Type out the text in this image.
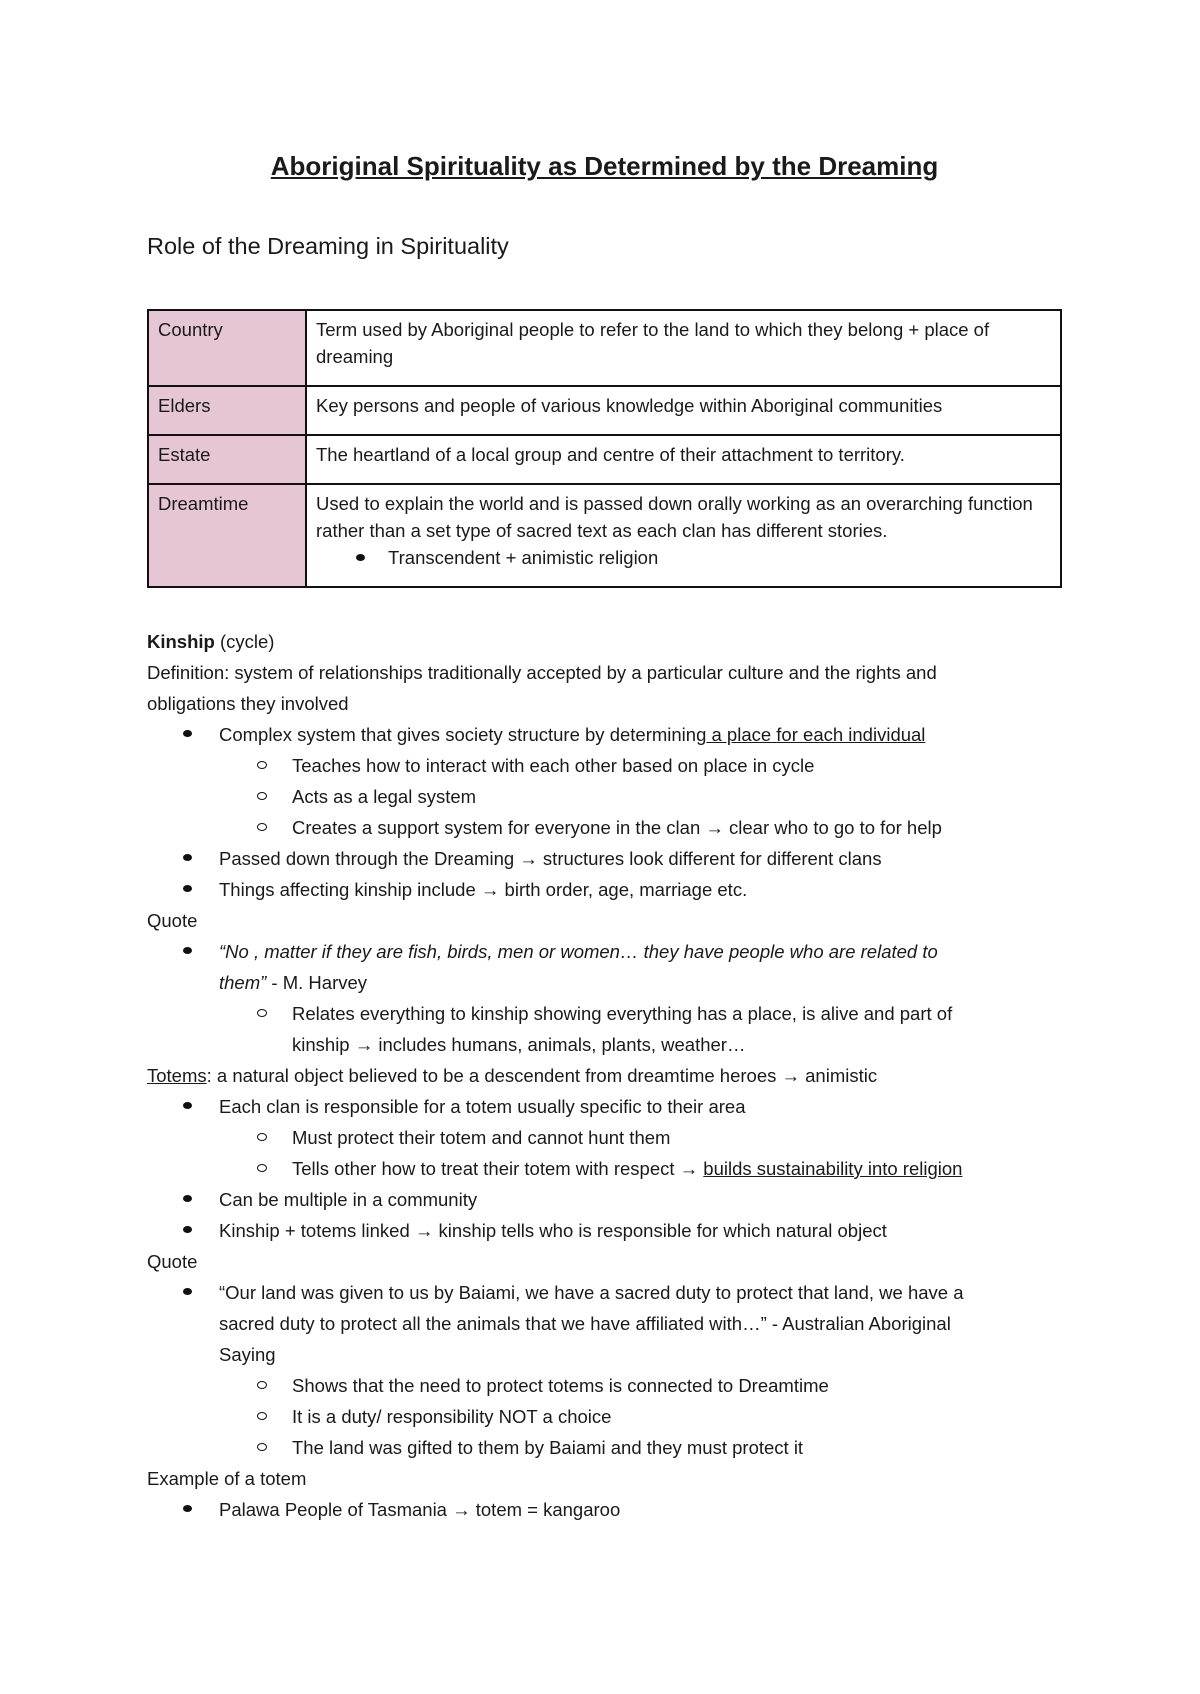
Aboriginal Spirituality as Determined by the Dreaming
Role of the Dreaming in Spirituality
Country	Term used by Aboriginal people to refer to the land to which they belong + place of dreaming
Elders	Key persons and people of various knowledge within Aboriginal communities
Estate	The heartland of a local group and centre of their attachment to territory.
Dreamtime	Used to explain the world and is passed down orally working as an overarching function rather than a set type of sacred text as each clan has different stories.
Transcendent + animistic religion
Kinship (cycle)
Definition: system of relationships traditionally accepted by a particular culture and the rights and
obligations they involved
Complex system that gives society structure by determining a place for each individual
Teaches how to interact with each other based on place in cycle
Acts as a legal system
Creates a support system for everyone in the clan → clear who to go to for help
Passed down through the Dreaming → structures look different for different clans
Things affecting kinship include → birth order, age, marriage etc.
Quote
“No , matter if they are fish, birds, men or women… they have people who are related to
them” - M. Harvey
Relates everything to kinship showing everything has a place, is alive and part of
kinship → includes humans, animals, plants, weather…
Totems: a natural object believed to be a descendent from dreamtime heroes → animistic
Each clan is responsible for a totem usually specific to their area
Must protect their totem and cannot hunt them
Tells other how to treat their totem with respect → builds sustainability into religion
Can be multiple in a community
Kinship + totems linked → kinship tells who is responsible for which natural object
Quote
“Our land was given to us by Baiami, we have a sacred duty to protect that land, we have a
sacred duty to protect all the animals that we have affiliated with…” - Australian Aboriginal
Saying
Shows that the need to protect totems is connected to Dreamtime
It is a duty/ responsibility NOT a choice
The land was gifted to them by Baiami and they must protect it
Example of a totem
Palawa People of Tasmania → totem = kangaroo
